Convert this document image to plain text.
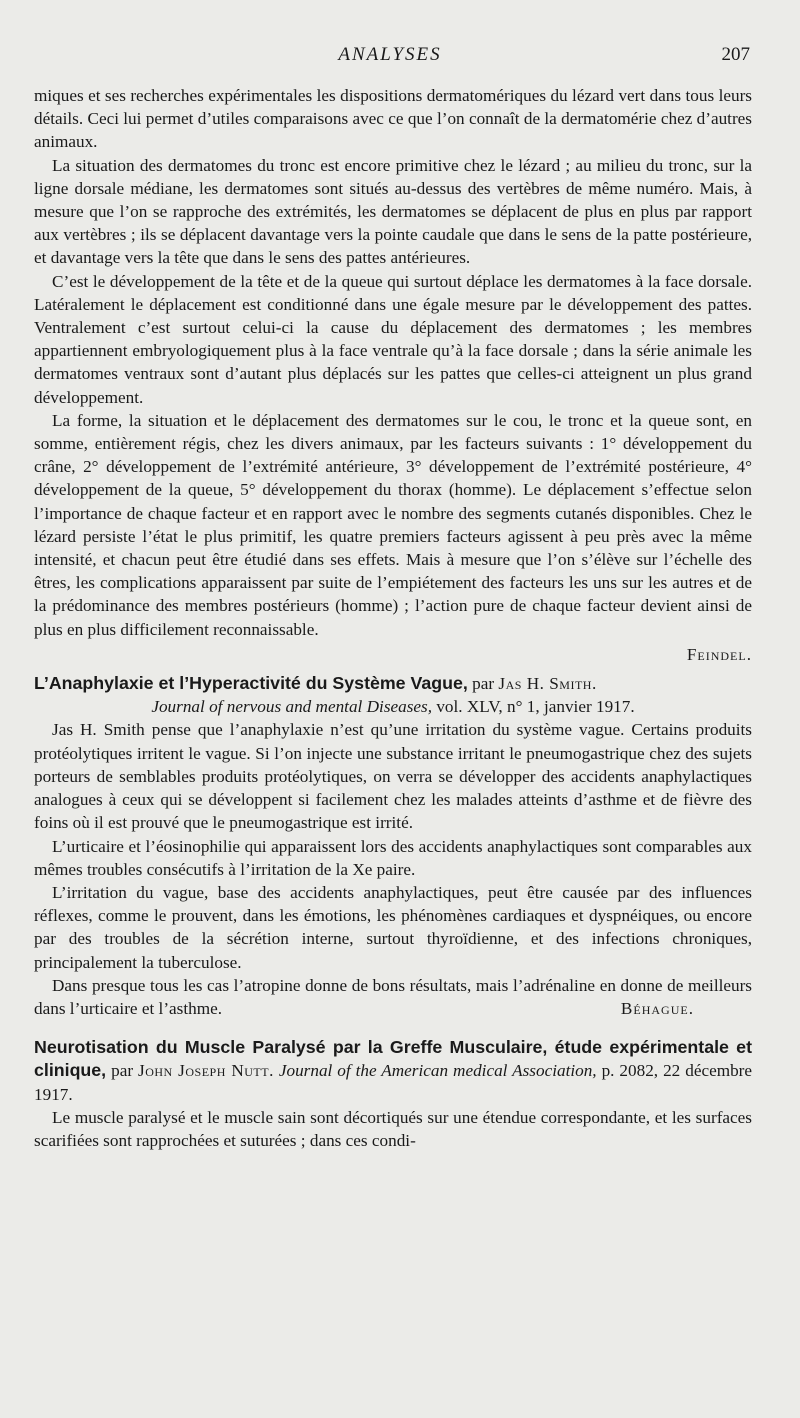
ANALYSES	207

miques et ses recherches expérimentales les dispositions dermatomériques du lézard vert dans tous leurs détails. Ceci lui permet d’utiles comparaisons avec ce que l’on connaît de la dermatomérie chez d’autres animaux.

La situation des dermatomes du tronc est encore primitive chez le lézard ; au milieu du tronc, sur la ligne dorsale médiane, les dermatomes sont situés au-dessus des vertèbres de même numéro. Mais, à mesure que l’on se rapproche des extrémités, les dermatomes se déplacent de plus en plus par rapport aux vertèbres ; ils se déplacent davantage vers la pointe caudale que dans le sens de la patte postérieure, et davantage vers la tête que dans le sens des pattes antérieures.

C’est le développement de la tête et de la queue qui surtout déplace les dermatomes à la face dorsale. Latéralement le déplacement est conditionné dans une égale mesure par le développement des pattes. Ventralement c’est surtout celui-ci la cause du déplacement des dermatomes ; les membres appartiennent embryologiquement plus à la face ventrale qu’à la face dorsale ; dans la série animale les dermatomes ventraux sont d’autant plus déplacés sur les pattes que celles-ci atteignent un plus grand développement.

La forme, la situation et le déplacement des dermatomes sur le cou, le tronc et la queue sont, en somme, entièrement régis, chez les divers animaux, par les facteurs suivants : 1° développement du crâne, 2° développement de l’extrémité antérieure, 3° développement de l’extrémité postérieure, 4° développement de la queue, 5° développement du thorax (homme). Le déplacement s’effectue selon l’importance de chaque facteur et en rapport avec le nombre des segments cutanés disponibles. Chez le lézard persiste l’état le plus primitif, les quatre premiers facteurs agissent à peu près avec la même intensité, et chacun peut être étudié dans ses effets. Mais à mesure que l’on s’élève sur l’échelle des êtres, les complications apparaissent par suite de l’empiétement des facteurs les uns sur les autres et de la prédominance des membres postérieurs (homme) ; l’action pure de chaque facteur devient ainsi de plus en plus difficilement reconnaissable.

Feindel.
L’Anaphylaxie et l’Hyperactivité du Système Vague, par Jas H. Smith.
Journal of nervous and mental Diseases, vol. XLV, n° 1, janvier 1917.

Jas H. Smith pense que l’anaphylaxie n’est qu’une irritation du système vague. Certains produits protéolytiques irritent le vague. Si l’on injecte une substance irritant le pneumogastrique chez des sujets porteurs de semblables produits protéolytiques, on verra se développer des accidents anaphylactiques analogues à ceux qui se développent si facilement chez les malades atteints d’asthme et de fièvre des foins où il est prouvé que le pneumogastrique est irrité.

L’urticaire et l’éosinophilie qui apparaissent lors des accidents anaphylactiques sont comparables aux mêmes troubles consécutifs à l’irritation de la Xe paire.

L’irritation du vague, base des accidents anaphylactiques, peut être causée par des influences réflexes, comme le prouvent, dans les émotions, les phénomènes cardiaques et dyspnéiques, ou encore par des troubles de la sécrétion interne, surtout thyroïdienne, et des infections chroniques, principalement la tuberculose.

Dans presque tous les cas l’atropine donne de bons résultats, mais l’adrénaline en donne de meilleurs dans l’urticaire et l’asthme.	Béhague.

Neurotisation du Muscle Paralysé par la Greffe Musculaire, étude expérimentale et clinique, par John Joseph Nutt. Journal of the American medical Association, p. 2082, 22 décembre 1917.

Le muscle paralysé et le muscle sain sont décortiqués sur une étendue correspondante, et les surfaces scarifiées sont rapprochées et suturées ; dans ces condi-
